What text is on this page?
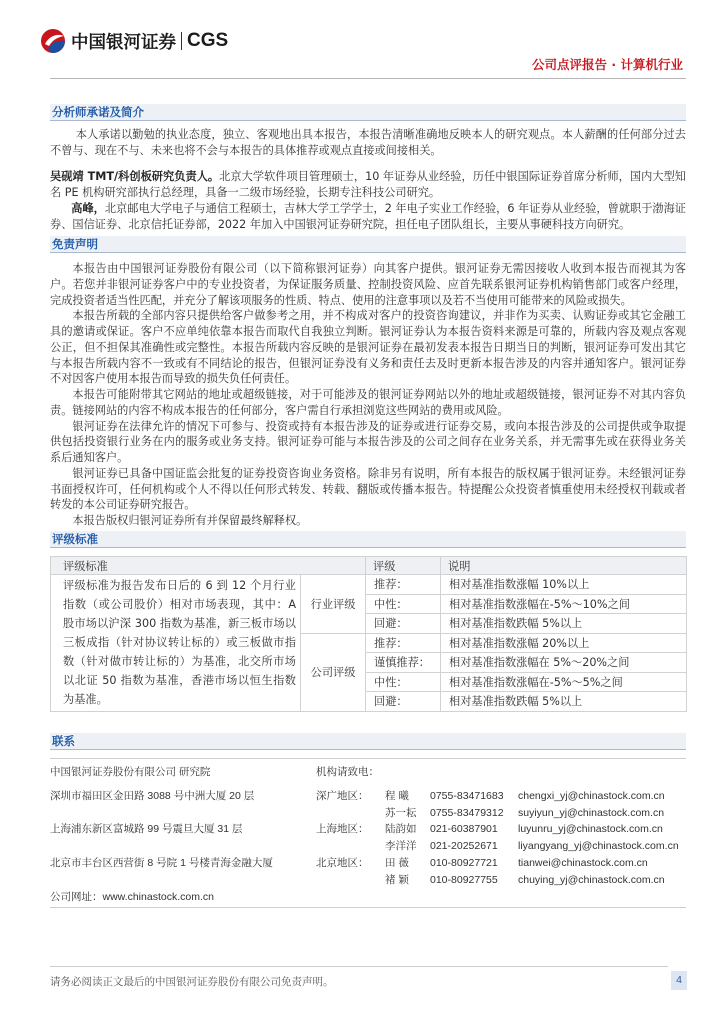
中国银河证券 CGS
公司点评报告 · 计算机行业
分析师承诺及简介

本人承诺以勤勉的执业态度，独立、客观地出具本报告，本报告清晰准确地反映本人的研究观点。本人薪酬的任何部分过去不曾与、现在不与、未来也将不会与本报告的具体推荐或观点直接或间接相关。

吴砚靖 TMT/科创板研究负责人。北京大学软件项目管理硕士，10 年证券从业经验，历任中银国际证券首席分析师，国内大型知名 PE 机构研究部执行总经理，具备一二级市场经验，长期专注科技公司研究。

高峰，北京邮电大学电子与通信工程硕士，吉林大学工学学士，2 年电子实业工作经验，6 年证券从业经验，曾就职于渤海证券、国信证券、北京信托证券部，2022 年加入中国银河证券研究院，担任电子团队组长，主要从事硬科技方向研究。

免责声明

本报告由中国银河证券股份有限公司（以下简称银河证券）向其客户提供。银河证券无需因接收人收到本报告而视其为客户。若您并非银河证券客户中的专业投资者，为保证服务质量、控制投资风险、应首先联系银河证券机构销售部门或客户经理，完成投资者适当性匹配，并充分了解该项服务的性质、特点、使用的注意事项以及若不当使用可能带来的风险或损失。

本报告所载的全部内容只提供给客户做参考之用，并不构成对客户的投资咨询建议，并非作为买卖、认购证券或其它金融工具的邀请或保证。客户不应单纯依靠本报告而取代自我独立判断。银河证券认为本报告资料来源是可靠的，所载内容及观点客观公正，但不担保其准确性或完整性。本报告所载内容反映的是银河证券在最初发表本报告日期当日的判断，银河证券可发出其它与本报告所载内容不一致或有不同结论的报告，但银河证券没有义务和责任去及时更新本报告涉及的内容并通知客户。银河证券不对因客户使用本报告而导致的损失负任何责任。

本报告可能附带其它网站的地址或超级链接，对于可能涉及的银河证券网站以外的地址或超级链接，银河证券不对其内容负责。链接网站的内容不构成本报告的任何部分，客户需自行承担浏览这些网站的费用或风险。

银河证券在法律允许的情况下可参与、投资或持有本报告涉及的证券或进行证券交易，或向本报告涉及的公司提供或争取提供包括投资银行业务在内的服务或业务支持。银河证券可能与本报告涉及的公司之间存在业务关系，并无需事先或在获得业务关系后通知客户。

银河证券已具备中国证监会批复的证券投资咨询业务资格。除非另有说明，所有本报告的版权属于银河证券。未经银河证券书面授权许可，任何机构或个人不得以任何形式转发、转载、翻版或传播本报告。特提醒公众投资者慎重使用未经授权刊载或者转发的本公司证券研究报告。

本报告版权归银河证券所有并保留最终解释权。

评级标准
评级标准		评级	说明
评级标准为报告发布日后的 6 到 12 个月行业指数（或公司股价）相对市场表现，其中：A 股市场以沪深 300 指数为基准，新三板市场以三板成指（针对协议转让标的）或三板做市指数（针对做市转让标的）为基准，北交所市场以北证 50 指数为基准，香港市场以恒生指数为基准。	行业评级	推荐：	相对基准指数涨幅 10%以上
		中性：	相对基准指数涨幅在-5%～10%之间
		回避：	相对基准指数跌幅 5%以上
	公司评级	推荐：	相对基准指数涨幅 20%以上
		谨慎推荐：	相对基准指数涨幅在 5%～20%之间
		中性：	相对基准指数涨幅在-5%～5%之间
		回避：	相对基准指数跌幅 5%以上
联系
中国银河证券股份有限公司 研究院
深圳市福田区金田路 3088 号中洲大厦 20 层
上海浦东新区富城路 99 号震旦大厦 31 层
北京市丰台区西营街 8 号院 1 号楼青海金融大厦
公司网址：www.chinastock.com.cn
机构请致电：
深广地区： 程 曦 0755-83471683 chengxi_yj@chinastock.com.cn
苏一耘 0755-83479312 suyiyun_yj@chinastock.com.cn
上海地区： 陆韵如 021-60387901 luyunru_yj@chinastock.com.cn
李洋洋 021-20252671 liyangyang_yj@chinastock.com.cn
北京地区： 田 薇 010-80927721 tianwei@chinastock.com.cn
褚 颖 010-80927755 chuying_yj@chinastock.com.cn
请务必阅读正文最后的中国银河证券股份有限公司免责声明。	4
